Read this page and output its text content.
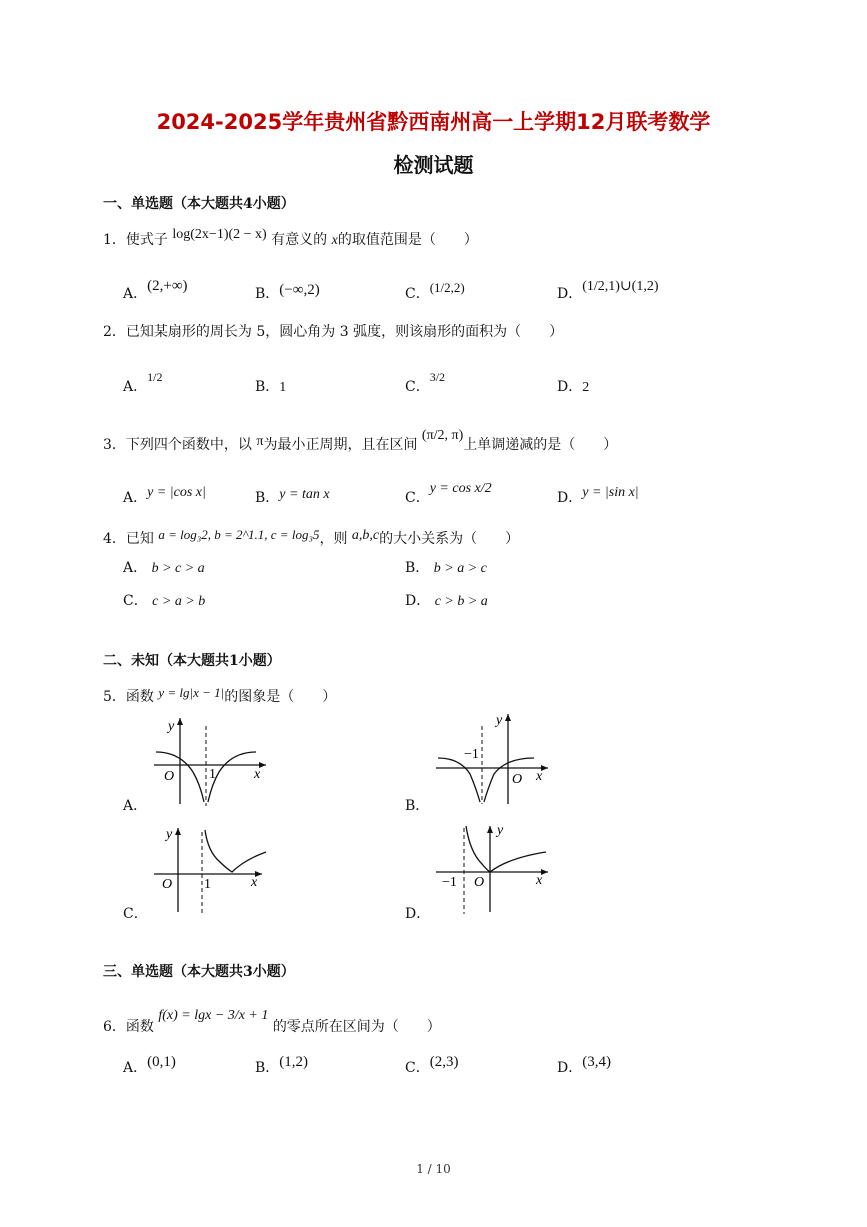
2024-2025学年贵州省黔西南州高一上学期12月联考数学
检测试题
一、单选题（本大题共4小题）
1．使式子 log(2x−1)(2 − x) 有意义的 x的取值范围是（　　）
A．(2,+∞)	B．(−∞,2)	C．(1/2,2)	D．(1/2,1)∪(1,2)
2．已知某扇形的周长为 5，圆心角为 3 弧度，则该扇形的面积为（　　）
A．1/2
B．1	C．3/2
D．2
3．下列四个函数中，以 π为最小正周期，且在区间 (π/2, π)上单调递减的是（　　）
A．y = |cos x|	B．y = tan x	C．y = cos x/2
D．y = |sin x|
4．已知 a = log₃2, b = 2^1.1, c = log₃5，则 a,b,c的大小关系为（　　）
A． b > c > a	B． b > a > c
C． c > a > b	D． c > b > a
二、未知（本大题共1小题）
5．函数 y = lg|x − 1|的图象是（　　）
A．
y
x
O 1
B．
y
x
O
−1
C．
y
x
O 1
D．
y
x
O
−1
三、单选题（本大题共3小题）
6．函数 f(x) = lgx − 3/x + 1 的零点所在区间为（　　）
A．(0,1)	B．(1,2)	C．(2,3)	D．(3,4)
1 / 10
